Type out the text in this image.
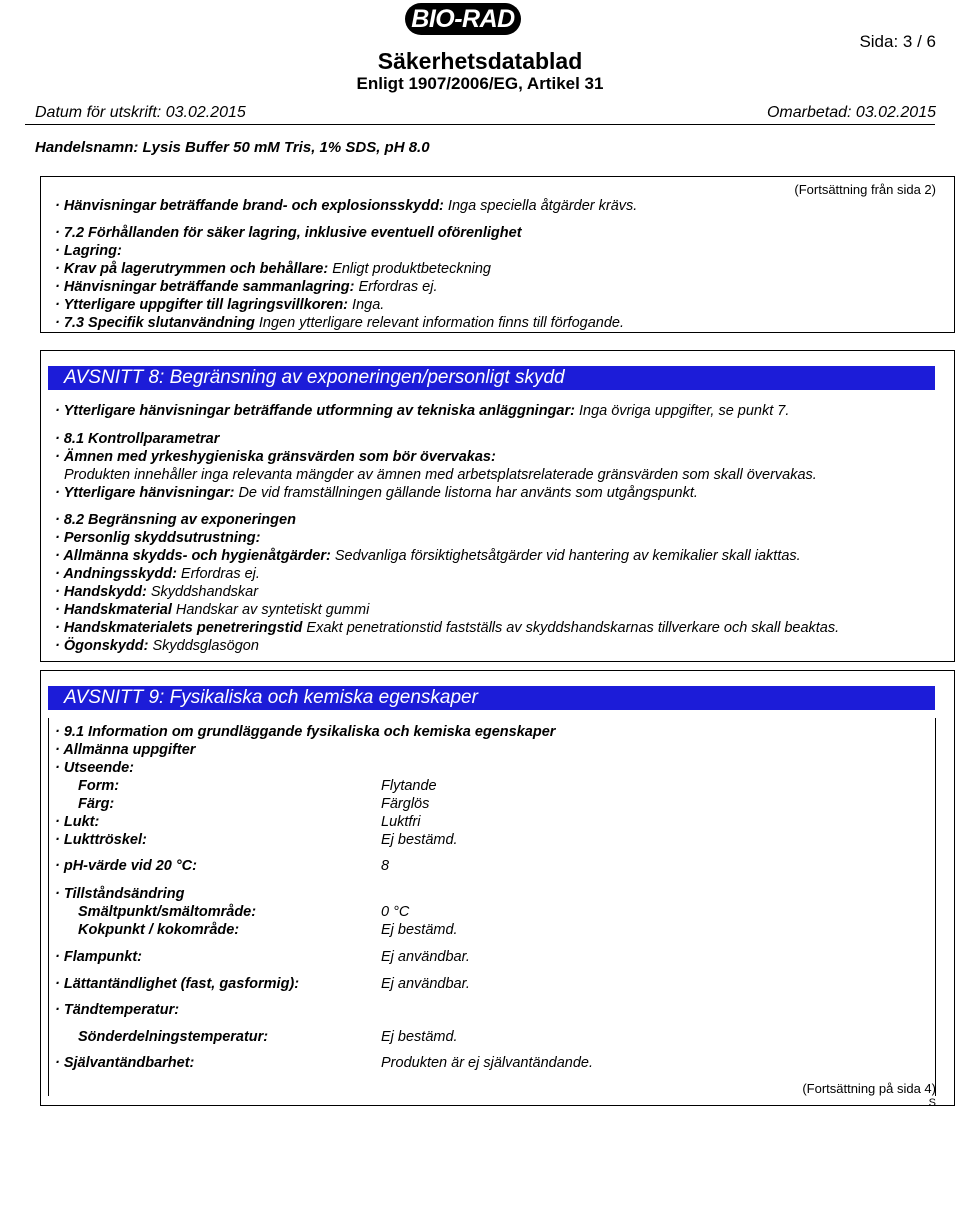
BIO-RAD
Sida: 3 / 6
Säkerhetsdatablad
Enligt 1907/2006/EG, Artikel 31
Datum för utskrift: 03.02.2015	Omarbetad: 03.02.2015
Handelsnamn: Lysis Buffer 50 mM Tris, 1% SDS, pH 8.0
(Fortsättning från sida 2)
· Hänvisningar beträffande brand- och explosionsskydd: Inga speciella åtgärder krävs.
· 7.2 Förhållanden för säker lagring, inklusive eventuell oförenlighet
· Lagring:
· Krav på lagerutrymmen och behållare: Enligt produktbeteckning
· Hänvisningar beträffande sammanlagring: Erfordras ej.
· Ytterligare uppgifter till lagringsvillkoren: Inga.
· 7.3 Specifik slutanvändning Ingen ytterligare relevant information finns till förfogande.
AVSNITT 8: Begränsning av exponeringen/personligt skydd
· Ytterligare hänvisningar beträffande utformning av tekniska anläggningar: Inga övriga uppgifter, se punkt 7.
· 8.1 Kontrollparametrar
· Ämnen med yrkeshygieniska gränsvärden som bör övervakas:
Produkten innehåller inga relevanta mängder av ämnen med arbetsplatsrelaterade gränsvärden som skall övervakas.
· Ytterligare hänvisningar: De vid framställningen gällande listorna har använts som utgångspunkt.
· 8.2 Begränsning av exponeringen
· Personlig skyddsutrustning:
· Allmänna skydds- och hygienåtgärder: Sedvanliga försiktighetsåtgärder vid hantering av kemikalier skall iakttas.
· Andningsskydd: Erfordras ej.
· Handskydd: Skyddshandskar
· Handskmaterial Handskar av syntetiskt gummi
· Handskmaterialets penetreringstid Exakt penetrationstid fastställs av skyddshandskarnas tillverkare och skall beaktas.
· Ögonskydd: Skyddsglasögon
AVSNITT 9: Fysikaliska och kemiska egenskaper
· 9.1 Information om grundläggande fysikaliska och kemiska egenskaper
· Allmänna uppgifter
· Utseende:
Form:	Flytande
Färg:	Färglös
· Lukt:	Luktfri
· Lukttröskel:	Ej bestämd.
· pH-värde vid 20 °C:	8
· Tillståndsändring
Smältpunkt/smältområde:	0 °C
Kokpunkt / kokområde:	Ej bestämd.
· Flampunkt:	Ej användbar.
· Lättantändlighet (fast, gasformig):	Ej användbar.
· Tändtemperatur:
Sönderdelningstemperatur:	Ej bestämd.
· Självantändbarhet:	Produkten är ej självantändande.
(Fortsättning på sida 4)
S
